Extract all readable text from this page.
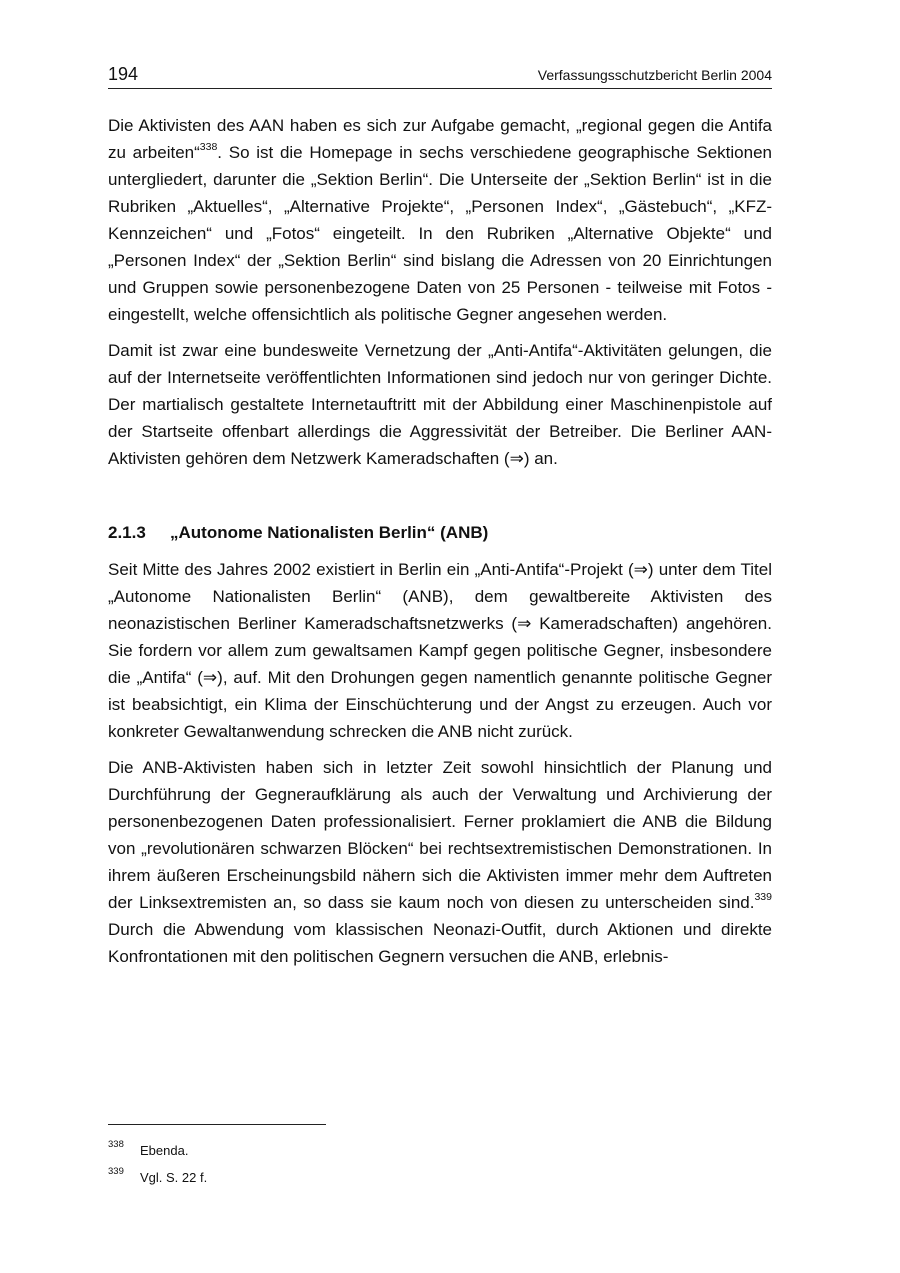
194	Verfassungsschutzbericht Berlin 2004

Die Aktivisten des AAN haben es sich zur Aufgabe gemacht, „regional gegen die Antifa zu arbeiten“$^{338}$. So ist die Homepage in sechs verschiedene geographische Sektionen untergliedert, darunter die „Sektion Berlin“. Die Unterseite der „Sektion Berlin“ ist in die Rubriken „Aktuelles“, „Alternative Projekte“, „Personen Index“, „Gästebuch“, „KFZ-Kennzeichen“ und „Fotos“ eingeteilt. In den Rubriken „Alternative Objekte“ und „Personen Index“ der „Sektion Berlin“ sind bislang die Adressen von 20 Einrichtungen und Gruppen sowie personenbezogene Daten von 25 Personen - teilweise mit Fotos - eingestellt, welche offensichtlich als politische Gegner angesehen werden.

Damit ist zwar eine bundesweite Vernetzung der „Anti-Antifa“-Aktivitäten gelungen, die auf der Internetseite veröffentlichten Informationen sind jedoch nur von geringer Dichte. Der martialisch gestaltete Internetauftritt mit der Abbildung einer Maschinenpistole auf der Startseite offenbart allerdings die Aggressivität der Betreiber. Die Berliner AAN-Aktivisten gehören dem Netzwerk Kameradschaften (⇒) an.

2.1.3 „Autonome Nationalisten Berlin“ (ANB)

Seit Mitte des Jahres 2002 existiert in Berlin ein „Anti-Antifa“-Projekt (⇒) unter dem Titel „Autonome Nationalisten Berlin“ (ANB), dem gewaltbereite Aktivisten des neonazistischen Berliner Kameradschaftsnetzwerks (⇒ Kameradschaften) angehören. Sie fordern vor allem zum gewaltsamen Kampf gegen politische Gegner, insbesondere die „Antifa“ (⇒), auf. Mit den Drohungen gegen namentlich genannte politische Gegner ist beabsichtigt, ein Klima der Einschüchterung und der Angst zu erzeugen. Auch vor konkreter Gewaltanwendung schrecken die ANB nicht zurück.

Die ANB-Aktivisten haben sich in letzter Zeit sowohl hinsichtlich der Planung und Durchführung der Gegneraufklärung als auch der Verwaltung und Archivierung der personenbezogenen Daten professionalisiert. Ferner proklamiert die ANB die Bildung von „revolutionären schwarzen Blöcken“ bei rechtsextremistischen Demonstrationen. In ihrem äußeren Erscheinungsbild nähern sich die Aktivisten immer mehr dem Auftreten der Linksextremisten an, so dass sie kaum noch von diesen zu unterscheiden sind.$^{339}$ Durch die Abwendung vom klassischen Neonazi-Outfit, durch Aktionen und direkte Konfrontationen mit den politischen Gegnern versuchen die ANB, erlebnis-

338 Ebenda.
339 Vgl. S. 22 f.
